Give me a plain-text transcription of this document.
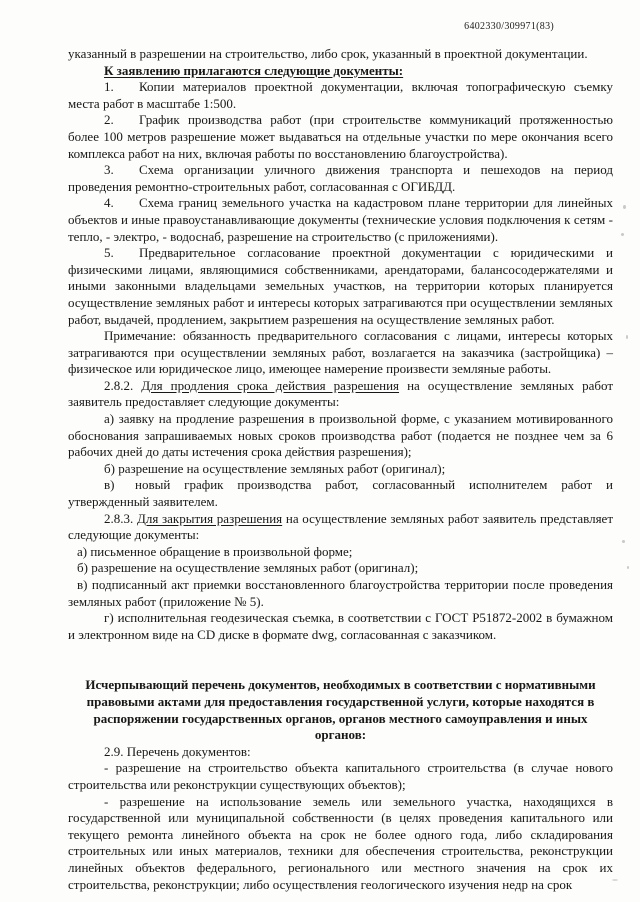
6402330/309971(83)

указанный в разрешении на строительство, либо срок, указанный в проектной документации.

К заявлению прилагаются следующие документы:

1. Копии материалов проектной документации, включая топографическую съемку места работ в масштабе 1:500.

2. График производства работ (при строительстве коммуникаций протяженностью более 100 метров разрешение может выдаваться на отдельные участки по мере окончания всего комплекса работ на них, включая работы по восстановлению благоустройства).

3. Схема организации уличного движения транспорта и пешеходов на период проведения ремонтно-строительных работ, согласованная с ОГИБДД.

4. Схема границ земельного участка на кадастровом плане территории для линейных объектов и иные правоустанавливающие документы (технические условия подключения к сетям - тепло, - электро, - водоснаб, разрешение на строительство (с приложениями).

5. Предварительное согласование проектной документации с юридическими и физическими лицами, являющимися собственниками, арендаторами, балансосодержателями и иными законными владельцами земельных участков, на территории которых планируется осуществление земляных работ и интересы которых затрагиваются при осуществлении земляных работ, выдачей, продлением, закрытием разрешения на осуществление земляных работ.

Примечание: обязанность предварительного согласования с лицами, интересы которых затрагиваются при осуществлении земляных работ, возлагается на заказчика (застройщика) – физическое или юридическое лицо, имеющее намерение произвести земляные работы.

2.8.2. Для продления срока действия разрешения на осуществление земляных работ заявитель предоставляет следующие документы:

а) заявку на продление разрешения в произвольной форме, с указанием мотивированного обоснования запрашиваемых новых сроков производства работ (подается не позднее чем за 6 рабочих дней до даты истечения срока действия разрешения);

б) разрешение на осуществление земляных работ (оригинал);

в) новый график производства работ, согласованный исполнителем работ и утвержденный заявителем.

2.8.3. Для закрытия разрешения на осуществление земляных работ заявитель представляет следующие документы:

а) письменное обращение в произвольной форме;

б) разрешение на осуществление земляных работ (оригинал);

в) подписанный акт приемки восстановленного благоустройства территории после проведения земляных работ (приложение № 5).

г) исполнительная геодезическая съемка, в соответствии с ГОСТ Р51872-2002 в бумажном и электронном виде на CD диске в формате dwg, согласованная с заказчиком.

Исчерпывающий перечень документов, необходимых в соответствии с нормативными правовыми актами для предоставления государственной услуги, которые находятся в распоряжении государственных органов, органов местного самоуправления и иных органов:

2.9. Перечень документов:

- разрешение на строительство объекта капитального строительства (в случае нового строительства или реконструкции существующих объектов);

- разрешение на использование земель или земельного участка, находящихся в государственной или муниципальной собственности (в целях проведения капитального или текущего ремонта линейного объекта на срок не более одного года, либо складирования строительных или иных материалов, техники для обеспечения строительства, реконструкции линейных объектов федерального, регионального или местного значения на срок их строительства, реконструкции; либо осуществления геологического изучения недр на срок
